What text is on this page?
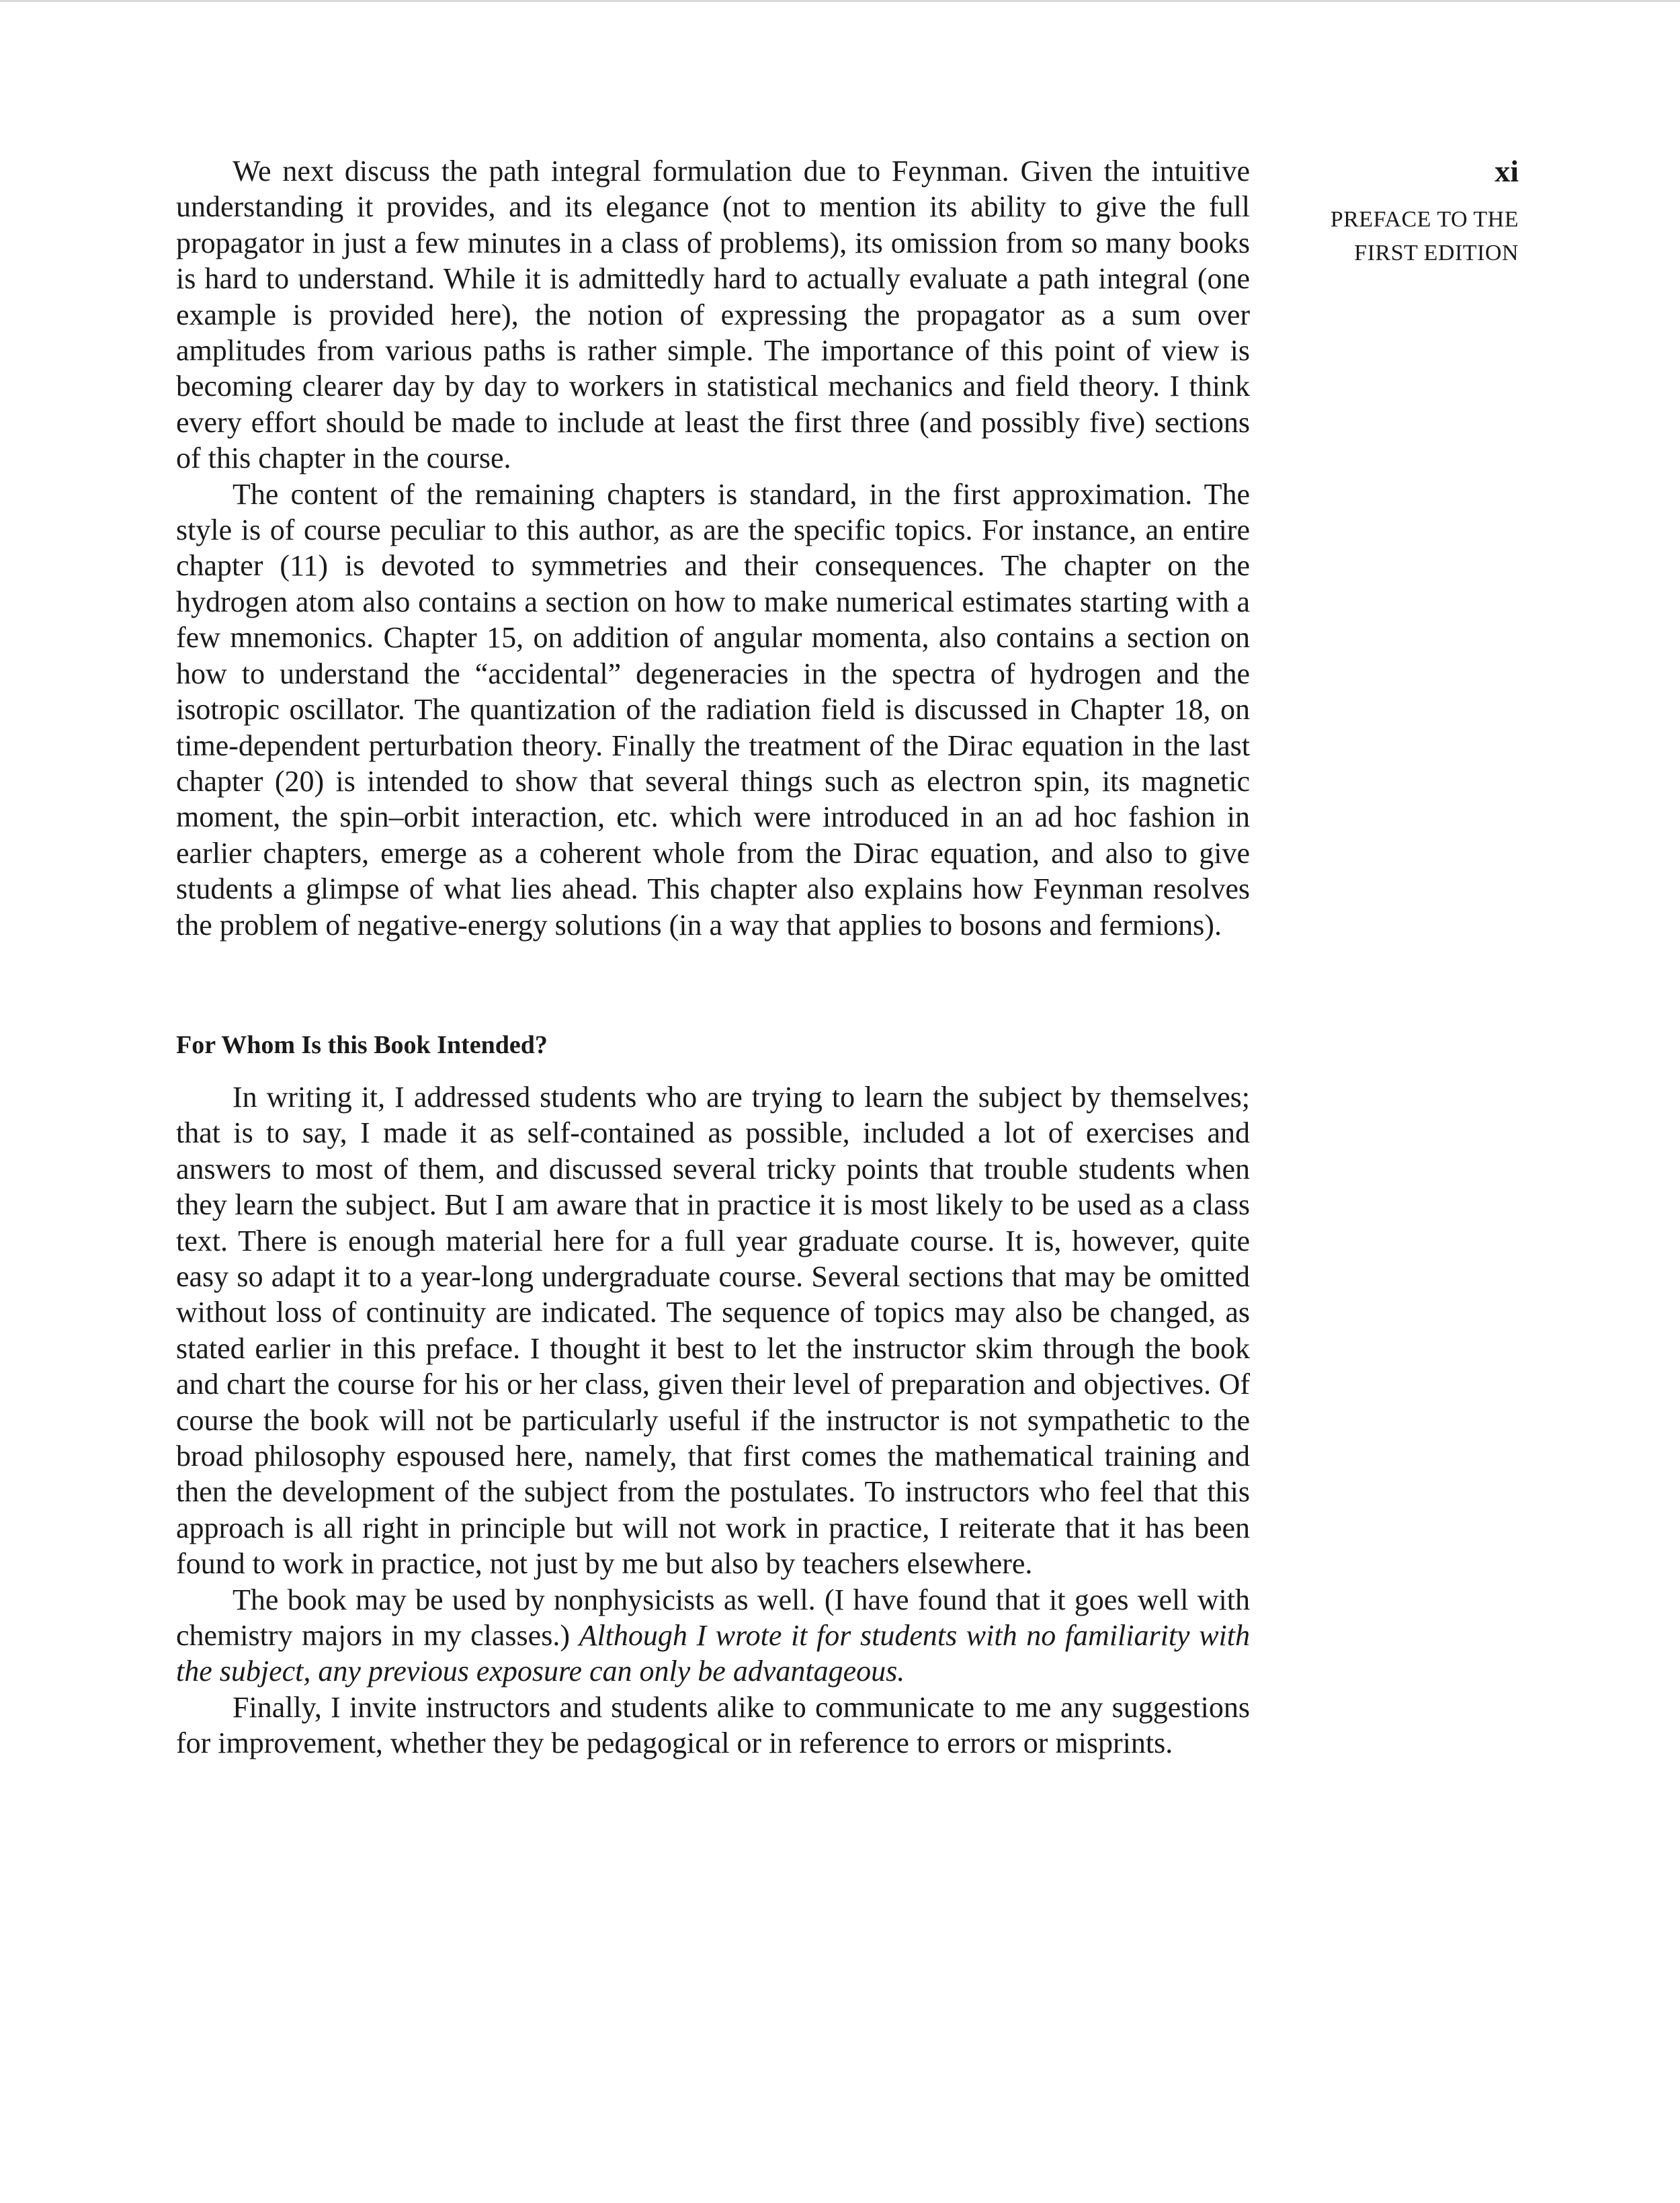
xi
PREFACE TO THE
FIRST EDITION

We next discuss the path integral formulation due to Feynman. Given the intuitive understanding it provides, and its elegance (not to mention its ability to give the full propagator in just a few minutes in a class of problems), its omission from so many books is hard to understand. While it is admittedly hard to actually evaluate a path integral (one example is provided here), the notion of expressing the propagator as a sum over amplitudes from various paths is rather simple. The importance of this point of view is becoming clearer day by day to workers in statistical mechanics and field theory. I think every effort should be made to include at least the first three (and possibly five) sections of this chapter in the course.

The content of the remaining chapters is standard, in the first approximation. The style is of course peculiar to this author, as are the specific topics. For instance, an entire chapter (11) is devoted to symmetries and their consequences. The chapter on the hydrogen atom also contains a section on how to make numerical estimates starting with a few mnemonics. Chapter 15, on addition of angular momenta, also contains a section on how to understand the “accidental” degeneracies in the spectra of hydrogen and the isotropic oscillator. The quantization of the radiation field is discussed in Chapter 18, on time-dependent perturbation theory. Finally the treatment of the Dirac equation in the last chapter (20) is intended to show that several things such as electron spin, its magnetic moment, the spin–orbit interaction, etc. which were introduced in an ad hoc fashion in earlier chapters, emerge as a coherent whole from the Dirac equation, and also to give students a glimpse of what lies ahead. This chapter also explains how Feynman resolves the problem of negative-energy solutions (in a way that applies to bosons and fermions).

For Whom Is this Book Intended?

In writing it, I addressed students who are trying to learn the subject by themselves; that is to say, I made it as self-contained as possible, included a lot of exercises and answers to most of them, and discussed several tricky points that trouble students when they learn the subject. But I am aware that in practice it is most likely to be used as a class text. There is enough material here for a full year graduate course. It is, however, quite easy so adapt it to a year-long undergraduate course. Several sections that may be omitted without loss of continuity are indicated. The sequence of topics may also be changed, as stated earlier in this preface. I thought it best to let the instructor skim through the book and chart the course for his or her class, given their level of preparation and objectives. Of course the book will not be particularly useful if the instructor is not sympathetic to the broad philosophy espoused here, namely, that first comes the mathematical training and then the development of the subject from the postulates. To instructors who feel that this approach is all right in principle but will not work in practice, I reiterate that it has been found to work in practice, not just by me but also by teachers elsewhere.

The book may be used by nonphysicists as well. (I have found that it goes well with chemistry majors in my classes.) Although I wrote it for students with no familiarity with the subject, any previous exposure can only be advantageous.

Finally, I invite instructors and students alike to communicate to me any suggestions for improvement, whether they be pedagogical or in reference to errors or misprints.
